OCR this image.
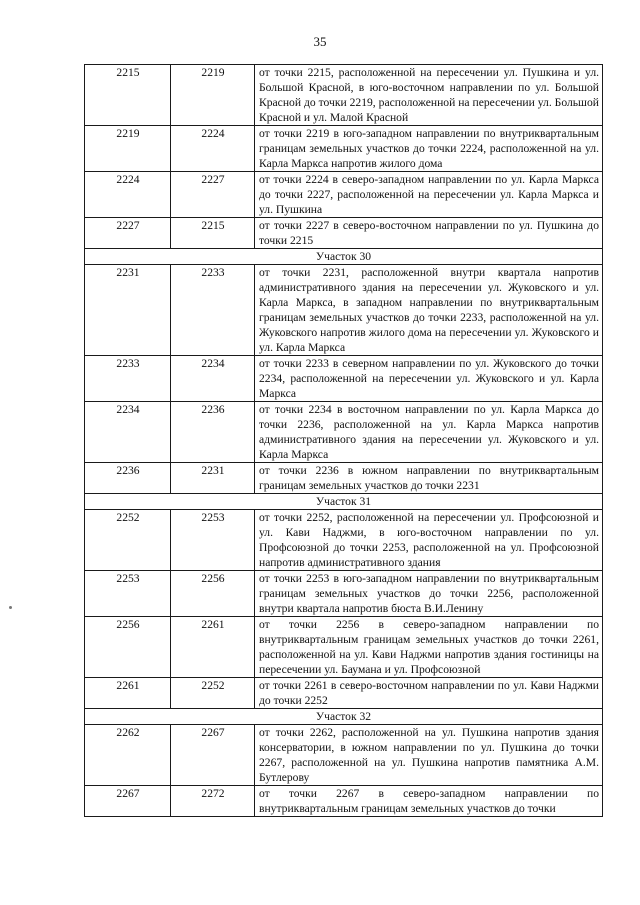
35
2215	2219	от точки 2215, расположенной на пересечении ул. Пушкина и ул. Большой Красной, в юго-восточном направлении по ул. Большой Красной до точки 2219, расположенной на пересечении ул. Большой Красной и ул. Малой Красной
2219	2224	от точки 2219 в юго-западном направлении по внутриквартальным границам земельных участков до точки 2224, расположенной на ул. Карла Маркса напротив жилого дома
2224	2227	от точки 2224 в северо-западном направлении по ул. Карла Маркса до точки 2227, расположенной на пересечении ул. Карла Маркса и ул. Пушкина
2227	2215	от точки 2227 в северо-восточном направлении по ул. Пушкина до точки 2215
Участок 30		
2231	2233	от точки 2231, расположенной внутри квартала напротив административного здания на пересечении ул. Жуковского и ул. Карла Маркса, в западном направлении по внутриквартальным границам земельных участков до точки 2233, расположенной на ул. Жуковского напротив жилого дома на пересечении ул. Жуковского и ул. Карла Маркса
2233	2234	от точки 2233 в северном направлении по ул. Жуковского до точки 2234, расположенной на пересечении ул. Жуковского и ул. Карла Маркса
2234	2236	от точки 2234 в восточном направлении по ул. Карла Маркса до точки 2236, расположенной на ул. Карла Маркса напротив административного здания на пересечении ул. Жуковского и ул. Карла Маркса
2236	2231	от точки 2236 в южном направлении по внутриквартальным границам земельных участков до точки 2231
Участок 31		
2252	2253	от точки 2252, расположенной на пересечении ул. Профсоюзной и ул. Кави Наджми, в юго-восточном направлении по ул. Профсоюзной до точки 2253, расположенной на ул. Профсоюзной напротив административного здания
2253	2256	от точки 2253 в юго-западном направлении по внутриквартальным границам земельных участков до точки 2256, расположенной внутри квартала напротив бюста В.И.Ленину
2256	2261	от точки 2256 в северо-западном направлении по внутриквартальным границам земельных участков до точки 2261, расположенной на ул. Кави Наджми напротив здания гостиницы на пересечении ул. Баумана и ул. Профсоюзной
2261	2252	от точки 2261 в северо-восточном направлении по ул. Кави Наджми до точки 2252
Участок 32		
2262	2267	от точки 2262, расположенной на ул. Пушкина напротив здания консерватории, в южном направлении по ул. Пушкина до точки 2267, расположенной на ул. Пушкина напротив памятника А.М. Бутлерову
2267	2272	от точки 2267 в северо-западном направлении по внутриквартальным границам земельных участков до точки
